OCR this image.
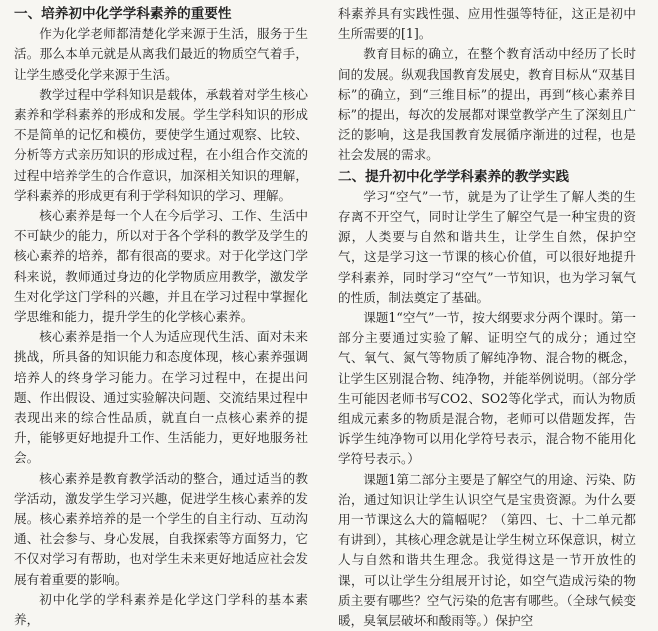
一、培养初中化学学科素养的重要性

作为化学老师都清楚化学来源于生活，服务于生活。那么本单元就是从离我们最近的物质空气着手，让学生感受化学来源于生活。

教学过程中学科知识是载体，承载着对学生核心素养和学科素养的形成和发展。学生学科知识的形成不是简单的记忆和模仿，要使学生通过观察、比较、分析等方式亲历知识的形成过程，在小组合作交流的过程中培养学生的合作意识，加深相关知识的理解，学科素养的形成更有利于学科知识的学习、理解。

核心素养是每一个人在今后学习、工作、生活中不可缺少的能力，所以对于各个学科的教学及学生的核心素养的培养，都有很高的要求。对于化学这门学科来说，教师通过身边的化学物质应用教学，激发学生对化学这门学科的兴趣，并且在学习过程中掌握化学思维和能力，提升学生的化学核心素养。

核心素养是指一个人为适应现代生活、面对未来挑战，所具备的知识能力和态度体现，核心素养强调培养人的终身学习能力。在学习过程中，在提出问题、作出假设、通过实验解决问题、交流结果过程中表现出来的综合性品质，就直白一点核心素养的提升，能够更好地提升工作、生活能力，更好地服务社会。

核心素养是教育教学活动的整合，通过适当的教学活动，激发学生学习兴趣，促进学生核心素养的发展。核心素养培养的是一个学生的自主行动、互动沟通、社会参与、身心发展，自我探索等方面努力，它不仅对学习有帮助，也对学生未来更好地适应社会发展有着重要的影响。

初中化学的学科素养是化学这门学科的基本素养，

科素养具有实践性强、应用性强等特征，这正是初中生所需要的[1]。

教育目标的确立，在整个教育活动中经历了长时间的发展。纵观我国教育发展史，教育目标从“双基目标”的确立，到“三维目标”的提出，再到“核心素养目标”的提出，每次的发展都对课堂教学产生了深刻且广泛的影响，这是我国教育发展循序渐进的过程，也是社会发展的需求。

二、提升初中化学学科素养的教学实践

学习“空气”一节，就是为了让学生了解人类的生存离不开空气，同时让学生了解空气是一种宝贵的资源，人类要与自然和谐共生，让学生自然，保护空气，这是学习这一节课的核心价值，可以很好地提升学科素养，同时学习“空气”一节知识，也为学习氧气的性质，制法奠定了基础。

课题1“空气”一节，按大纲要求分两个课时。第一部分主要通过实验了解、证明空气的成分；通过空气、氧气、氮气等物质了解纯净物、混合物的概念，让学生区别混合物、纯净物，并能举例说明。（部分学生可能因老师书写CO2、SO2等化学式，而认为物质组成元素多的物质是混合物，老师可以借题发挥，告诉学生纯净物可以用化学符号表示，混合物不能用化学符号表示。）

课题1第二部分主要是了解空气的用途、污染、防治，通过知识让学生认识空气是宝贵资源。为什么要用一节课这么大的篇幅呢？（第四、七、十二单元都有讲到），其核心理念就是让学生树立环保意识，树立人与自然和谐共生理念。我觉得这是一节开放性的课，可以让学生分组展开讨论，如空气造成污染的物质主要有哪些？空气污染的危害有哪些。（全球气候变暖，臭氧层破坏和酸雨等。）保护空
